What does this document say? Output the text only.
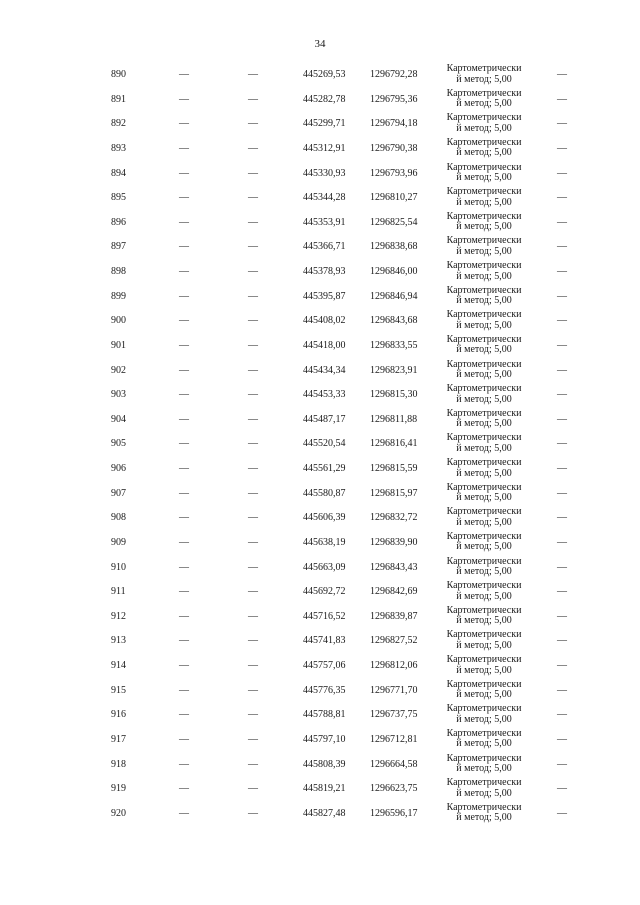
34
890	—	—	445269,53 1296792,28
Картометрически
й метод; 5,00	—
891	—	—	445282,78 1296795,36
Картометрически
й метод; 5,00	—
892	—	—	445299,71 1296794,18
Картометрически
й метод; 5,00	—
893	—	—	445312,91 1296790,38
Картометрически
й метод; 5,00	—
894	—	—	445330,93 1296793,96
Картометрически
й метод; 5,00	—
895	—	—	445344,28 1296810,27
Картометрически
й метод; 5,00	—
896	—	—	445353,91 1296825,54
Картометрически
й метод; 5,00	—
897	—	—	445366,71 1296838,68
Картометрически
й метод; 5,00	—
898	—	—	445378,93 1296846,00
Картометрически
й метод; 5,00	—
899	—	—	445395,87 1296846,94
Картометрически
й метод; 5,00	—
900	—	—	445408,02 1296843,68
Картометрически
й метод; 5,00	—
901	—	—	445418,00 1296833,55
Картометрически
й метод; 5,00	—
902	—	—	445434,34 1296823,91
Картометрически
й метод; 5,00	—
903	—	—	445453,33 1296815,30
Картометрически
й метод; 5,00	—
904	—	—	445487,17 1296811,88
Картометрически
й метод; 5,00	—
905	—	—	445520,54 1296816,41
Картометрически
й метод; 5,00	—
906	—	—	445561,29 1296815,59
Картометрически
й метод; 5,00	—
907	—	—	445580,87 1296815,97
Картометрически
й метод; 5,00	—
908	—	—	445606,39 1296832,72
Картометрически
й метод; 5,00	—
909	—	—	445638,19 1296839,90
Картометрически
й метод; 5,00	—
910	—	—	445663,09 1296843,43
Картометрически
й метод; 5,00	—
911	—	—	445692,72 1296842,69
Картометрически
й метод; 5,00	—
912	—	—	445716,52 1296839,87
Картометрически
й метод; 5,00	—
913	—	—	445741,83 1296827,52
Картометрически
й метод; 5,00	—
914	—	—	445757,06 1296812,06
Картометрически
й метод; 5,00	—
915	—	—	445776,35 1296771,70
Картометрически
й метод; 5,00	—
916	—	—	445788,81 1296737,75
Картометрически
й метод; 5,00	—
917	—	—	445797,10 1296712,81
Картометрически
й метод; 5,00	—
918	—	—	445808,39 1296664,58
Картометрически
й метод; 5,00	—
919	—	—	445819,21 1296623,75
Картометрически
й метод; 5,00	—
920	—	—	445827,48 1296596,17
Картометрически
й метод; 5,00	—
